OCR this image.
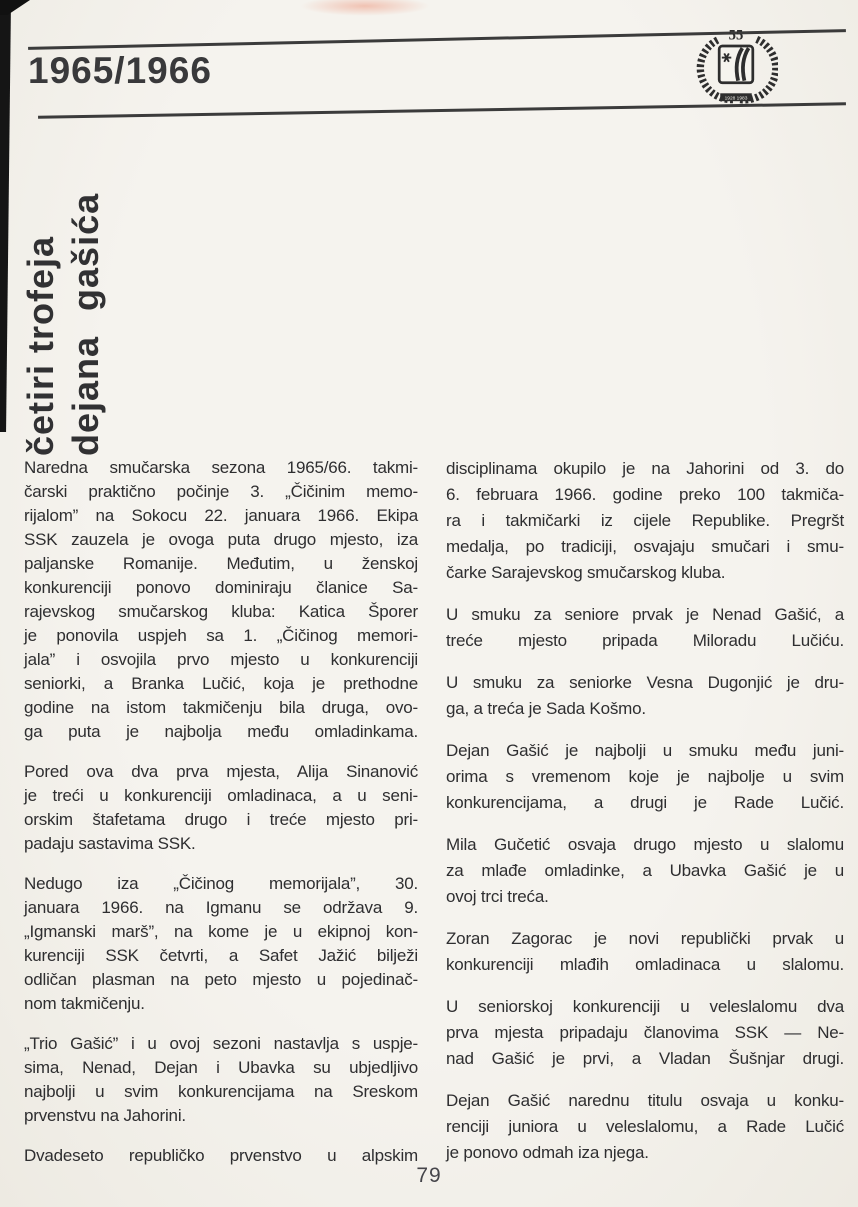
1965/1966
55
1928 1983
četiri trofeja dejana gašića
Naredna smučarska sezona 1965/66. takmi-
čarski praktično počinje 3. „Čičinim memo-
rijalom” na Sokocu 22. januara 1966. Ekipa
SSK zauzela je ovoga puta drugo mjesto, iza
paljanske Romanije. Međutim, u ženskoj
konkurenciji ponovo dominiraju članice Sa-
rajevskog smučarskog kluba: Katica Šporer
je ponovila uspjeh sa 1. „Čičinog memori-
jala” i osvojila prvo mjesto u konkurenciji
seniorki, a Branka Lučić, koja je prethodne
godine na istom takmičenju bila druga, ovo-
ga puta je najbolja među omladinkama.
Pored ova dva prva mjesta, Alija Sinanović
je treći u konkurenciji omladinaca, a u seni-
orskim štafetama drugo i treće mjesto pri-
padaju sastavima SSK.
Nedugo iza „Čičinog memorijala”, 30.
januara 1966. na Igmanu se održava 9.
„Igmanski marš”, na kome je u ekipnoj kon-
kurenciji SSK četvrti, a Safet Jažić bilježi
odličan plasman na peto mjesto u pojedinač-
nom takmičenju.
„Trio Gašić” i u ovoj sezoni nastavlja s uspje-
sima, Nenad, Dejan i Ubavka su ubjedljivo
najbolji u svim konkurencijama na Sreskom
prvenstvu na Jahorini.
Dvadeseto republičko prvenstvo u alpskim
disciplinama okupilo je na Jahorini od 3. do
6. februara 1966. godine preko 100 takmiča-
ra i takmičarki iz cijele Republike. Pregršt
medalja, po tradiciji, osvajaju smučari i smu-
čarke Sarajevskog smučarskog kluba.
U smuku za seniore prvak je Nenad Gašić, a
treće mjesto pripada Miloradu Lučiću.
U smuku za seniorke Vesna Dugonjić je dru-
ga, a treća je Sada Košmo.
Dejan Gašić je najbolji u smuku među juni-
orima s vremenom koje je najbolje u svim
konkurencijama, a drugi je Rade Lučić.
Mila Gučetić osvaja drugo mjesto u slalomu
za mlađe omladinke, a Ubavka Gašić je u
ovoj trci treća.
Zoran Zagorac je novi republički prvak u
konkurenciji mlađih omladinaca u slalomu.
U seniorskoj konkurenciji u veleslalomu dva
prva mjesta pripadaju članovima SSK — Ne-
nad Gašić je prvi, a Vladan Šušnjar drugi.
Dejan Gašić narednu titulu osvaja u konku-
renciji juniora u veleslalomu, a Rade Lučić
je ponovo odmah iza njega.
79
